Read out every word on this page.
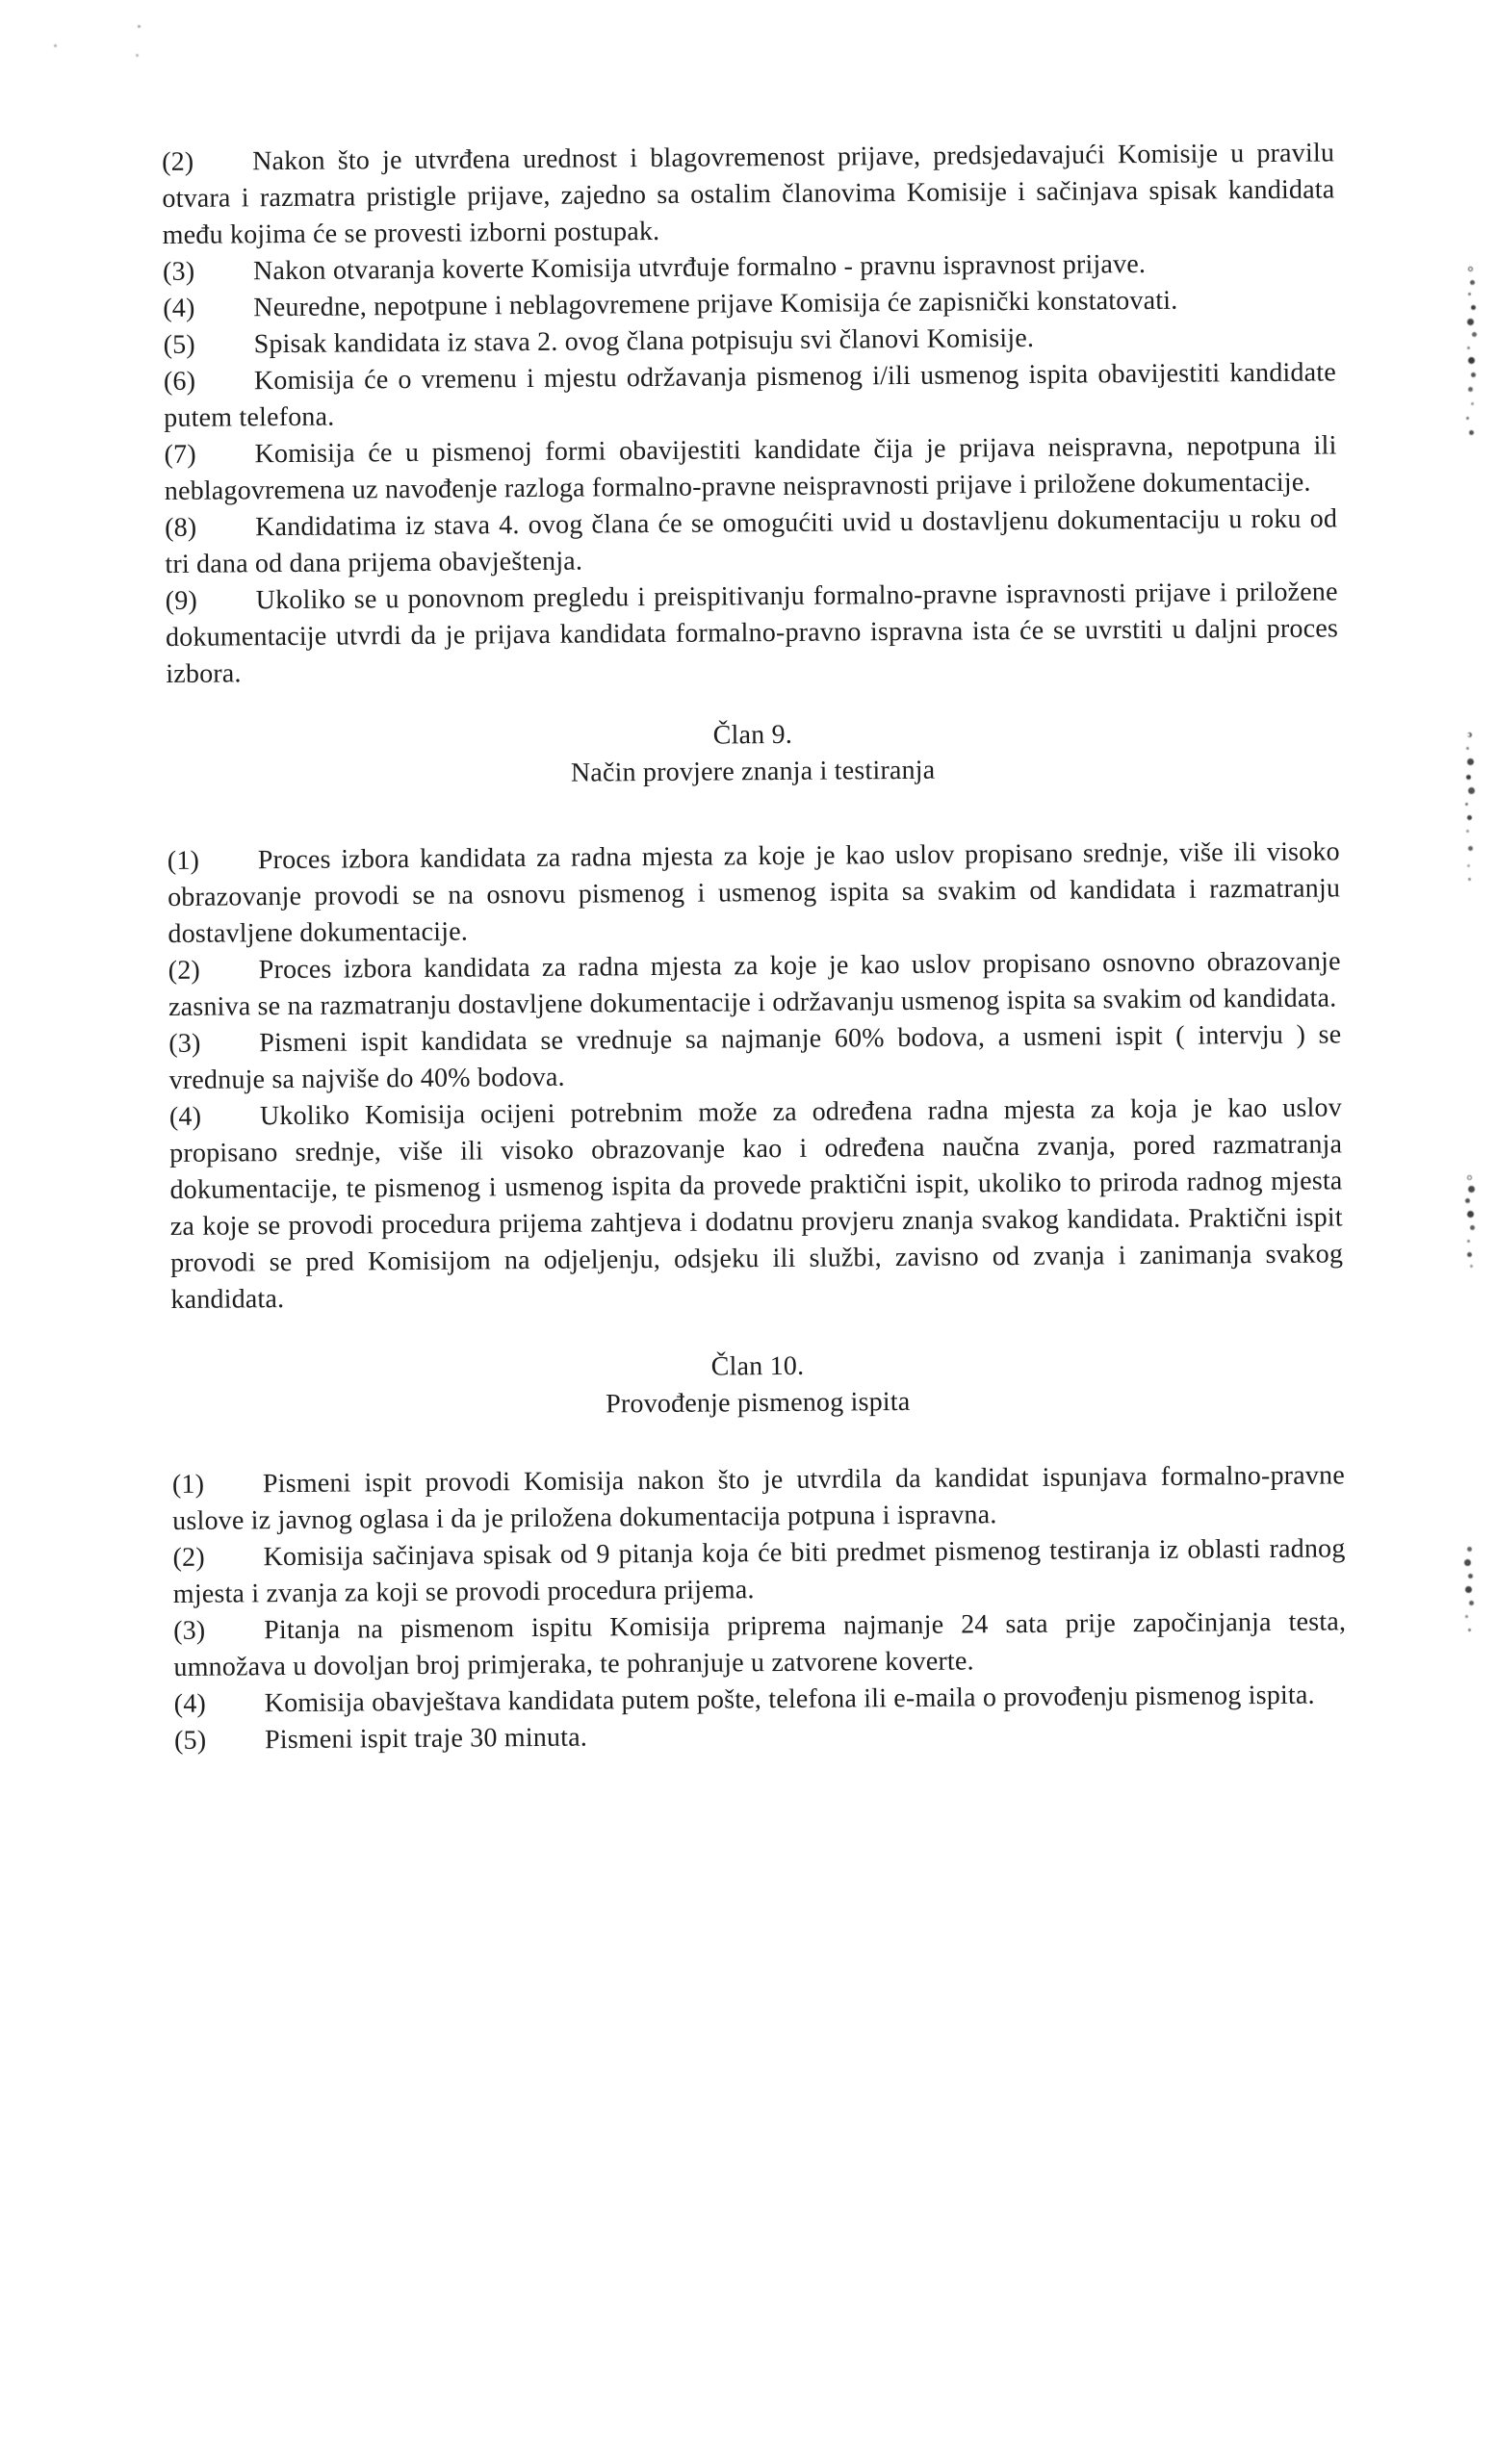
(2) Nakon što je utvrđena urednost i blagovremenost prijave, predsjedavajući Komisije u pravilu otvara i razmatra pristigle prijave, zajedno sa ostalim članovima Komisije i sačinjava spisak kandidata među kojima će se provesti izborni postupak.

(3) Nakon otvaranja koverte Komisija utvrđuje formalno - pravnu ispravnost prijave.

(4) Neuredne, nepotpune i neblagovremene prijave Komisija će zapisnički konstatovati.

(5) Spisak kandidata iz stava 2. ovog člana potpisuju svi članovi Komisije.

(6) Komisija će o vremenu i mjestu održavanja pismenog i/ili usmenog ispita obavijestiti kandidate putem telefona.

(7) Komisija će u pismenoj formi obavijestiti kandidate čija je prijava neispravna, nepotpuna ili neblagovremena uz navođenje razloga formalno-pravne neispravnosti prijave i priložene dokumentacije.

(8) Kandidatima iz stava 4. ovog člana će se omogućiti uvid u dostavljenu dokumentaciju u roku od tri dana od dana prijema obavještenja.

(9) Ukoliko se u ponovnom pregledu i preispitivanju formalno-pravne ispravnosti prijave i priložene dokumentacije utvrdi da je prijava kandidata formalno-pravno ispravna ista će se uvrstiti u daljni proces izbora.

Član 9.
Način provjere znanja i testiranja

(1) Proces izbora kandidata za radna mjesta za koje je kao uslov propisano srednje, više ili visoko obrazovanje provodi se na osnovu pismenog i usmenog ispita sa svakim od kandidata i razmatranju dostavljene dokumentacije.

(2) Proces izbora kandidata za radna mjesta za koje je kao uslov propisano osnovno obrazovanje zasniva se na razmatranju dostavljene dokumentacije i održavanju usmenog ispita sa svakim od kandidata.

(3) Pismeni ispit kandidata se vrednuje sa najmanje 60% bodova, a usmeni ispit ( intervju ) se vrednuje sa najviše do 40% bodova.

(4) Ukoliko Komisija ocijeni potrebnim može za određena radna mjesta za koja je kao uslov propisano srednje, više ili visoko obrazovanje kao i određena naučna zvanja, pored razmatranja dokumentacije, te pismenog i usmenog ispita da provede praktični ispit, ukoliko to priroda radnog mjesta za koje se provodi procedura prijema zahtjeva i dodatnu provjeru znanja svakog kandidata. Praktični ispit provodi se pred Komisijom na odjeljenju, odsjeku ili službi, zavisno od zvanja i zanimanja svakog kandidata.

Član 10.
Provođenje pismenog ispita

(1) Pismeni ispit provodi Komisija nakon što je utvrdila da kandidat ispunjava formalno-pravne uslove iz javnog oglasa i da je priložena dokumentacija potpuna i ispravna.

(2) Komisija sačinjava spisak od 9 pitanja koja će biti predmet pismenog testiranja iz oblasti radnog mjesta i zvanja za koji se provodi procedura prijema.

(3) Pitanja na pismenom ispitu Komisija priprema najmanje 24 sata prije započinjanja testa, umnožava u dovoljan broj primjeraka, te pohranjuje u zatvorene koverte.

(4) Komisija obavještava kandidata putem pošte, telefona ili e-maila o provođenju pismenog ispita.

(5) Pismeni ispit traje 30 minuta.
